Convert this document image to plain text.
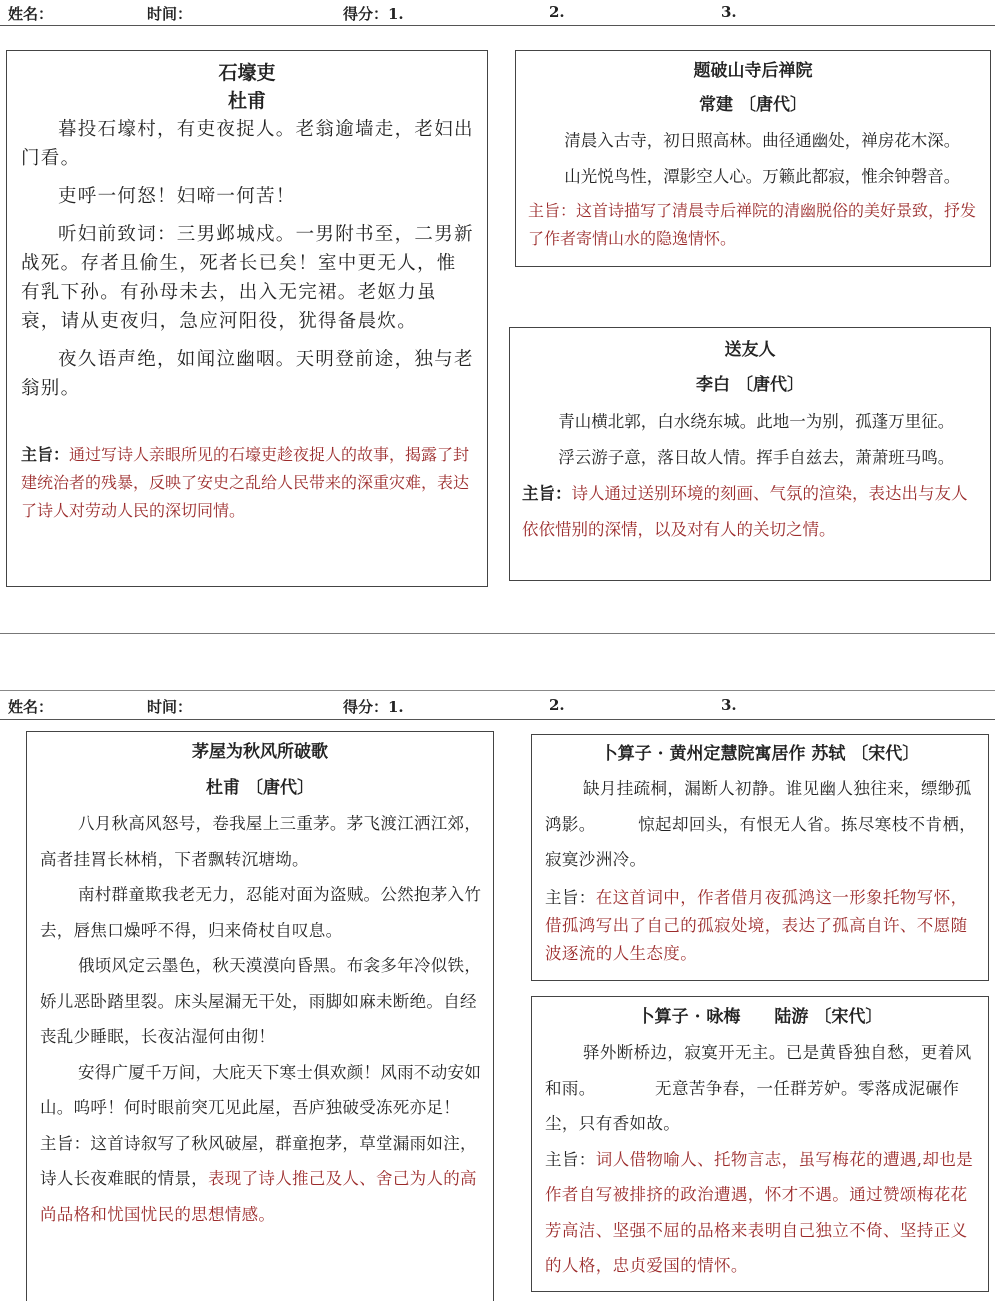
姓名：	时间：	得分：1.	2.	3.
石壕吏
杜甫

暮投石壕村，有吏夜捉人。老翁逾墙走，老妇出门看。

吏呼一何怒！妇啼一何苦！

听妇前致词：三男邺城戍。一男附书至，二男新战死。存者且偷生，死者长已矣！室中更无人，惟有乳下孙。有孙母未去，出入无完裙。老妪力虽衰，请从吏夜归，急应河阳役，犹得备晨炊。

夜久语声绝，如闻泣幽咽。天明登前途，独与老翁别。

主旨：通过写诗人亲眼所见的石壕吏趁夜捉人的故事，揭露了封建统治者的残暴，反映了安史之乱给人民带来的深重灾难，表达了诗人对劳动人民的深切同情。
题破山寺后禅院
常建 〔唐代〕

清晨入古寺，初日照高林。曲径通幽处，禅房花木深。

山光悦鸟性，潭影空人心。万籁此都寂，惟余钟磬音。

主旨：这首诗描写了清晨寺后禅院的清幽脱俗的美好景致，抒发了作者寄情山水的隐逸情怀。
送友人
李白 〔唐代〕

青山横北郭，白水绕东城。此地一为别，孤蓬万里征。

浮云游子意，落日故人情。挥手自兹去，萧萧班马鸣。

主旨：诗人通过送别环境的刻画、气氛的渲染，表达出与友人依依惜别的深情，以及对有人的关切之情。
姓名：	时间：	得分：1.	2.	3.
茅屋为秋风所破歌
杜甫 〔唐代〕

八月秋高风怒号，卷我屋上三重茅。茅飞渡江洒江郊，高者挂罥长林梢，下者飘转沉塘坳。

南村群童欺我老无力，忍能对面为盗贼。公然抱茅入竹去，唇焦口燥呼不得，归来倚杖自叹息。

俄顷风定云墨色，秋天漠漠向昏黑。布衾多年冷似铁，娇儿恶卧踏里裂。床头屋漏无干处，雨脚如麻未断绝。自经丧乱少睡眠，长夜沾湿何由彻！

安得广厦千万间，大庇天下寒士俱欢颜！风雨不动安如山。呜呼！何时眼前突兀见此屋，吾庐独破受冻死亦足！

主旨：这首诗叙写了秋风破屋，群童抱茅，草堂漏雨如注，诗人长夜难眠的情景，表现了诗人推己及人、舍己为人的高尚品格和忧国忧民的思想情感。

卜算子 · 黄州定慧院寓居作 苏轼 〔宋代〕

缺月挂疏桐，漏断人初静。谁见幽人独往来，缥缈孤鸿影。　　　惊起却回头，有恨无人省。拣尽寒枝不肯栖，寂寞沙洲冷。

主旨：在这首词中，作者借月夜孤鸿这一形象托物写怀，借孤鸿写出了自己的孤寂处境，表达了孤高自许、不愿随波逐流的人生态度。

卜算子 · 咏梅　　陆游 〔宋代〕

驿外断桥边，寂寞开无主。已是黄昏独自愁，更着风和雨。　　　　无意苦争春，一任群芳妒。零落成泥碾作尘，只有香如故。

主旨：词人借物喻人、托物言志，虽写梅花的遭遇,却也是作者自写被排挤的政治遭遇，怀才不遇。通过赞颂梅花花芳高洁、坚强不屈的品格来表明自己独立不倚、坚持正义的人格，忠贞爱国的情怀。
